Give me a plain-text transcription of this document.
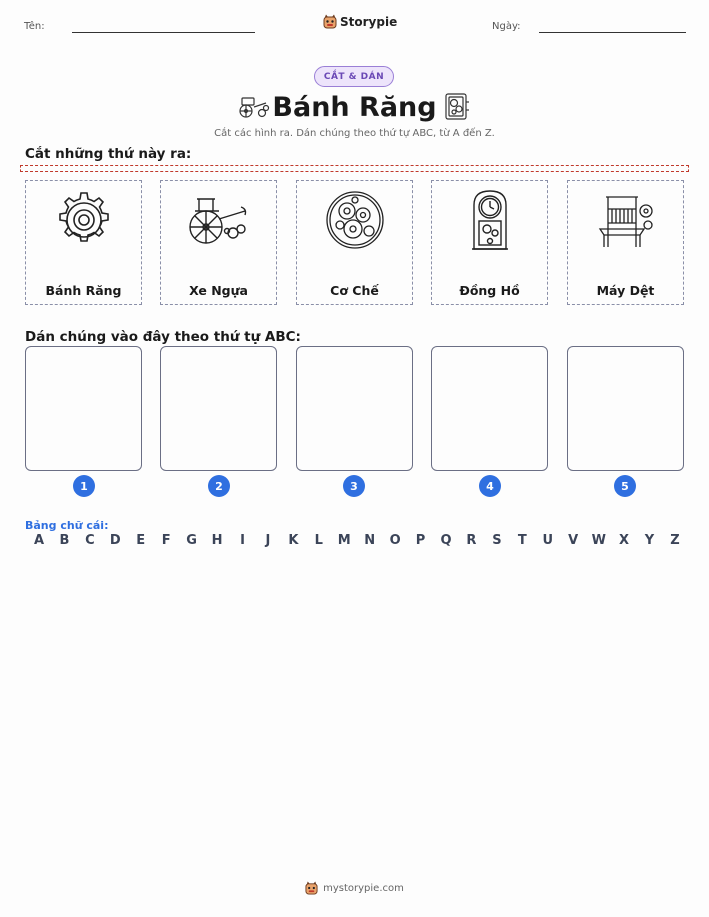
Tên:	Storypie	Ngày:
CẮT & DÁN
Bánh Răng
Cắt các hình ra. Dán chúng theo thứ tự ABC, từ A đến Z.
Cắt những thứ này ra:
Bánh Răng	Xe Ngựa	Cơ Chế	Đồng Hồ	Máy Dệt
Dán chúng vào đây theo thứ tự ABC:
1	2	3	4	5
Bảng chữ cái:
A B C D E F G H	I	J	K L M N O P Q R S T U V W X Y Z
mystorypie.com
